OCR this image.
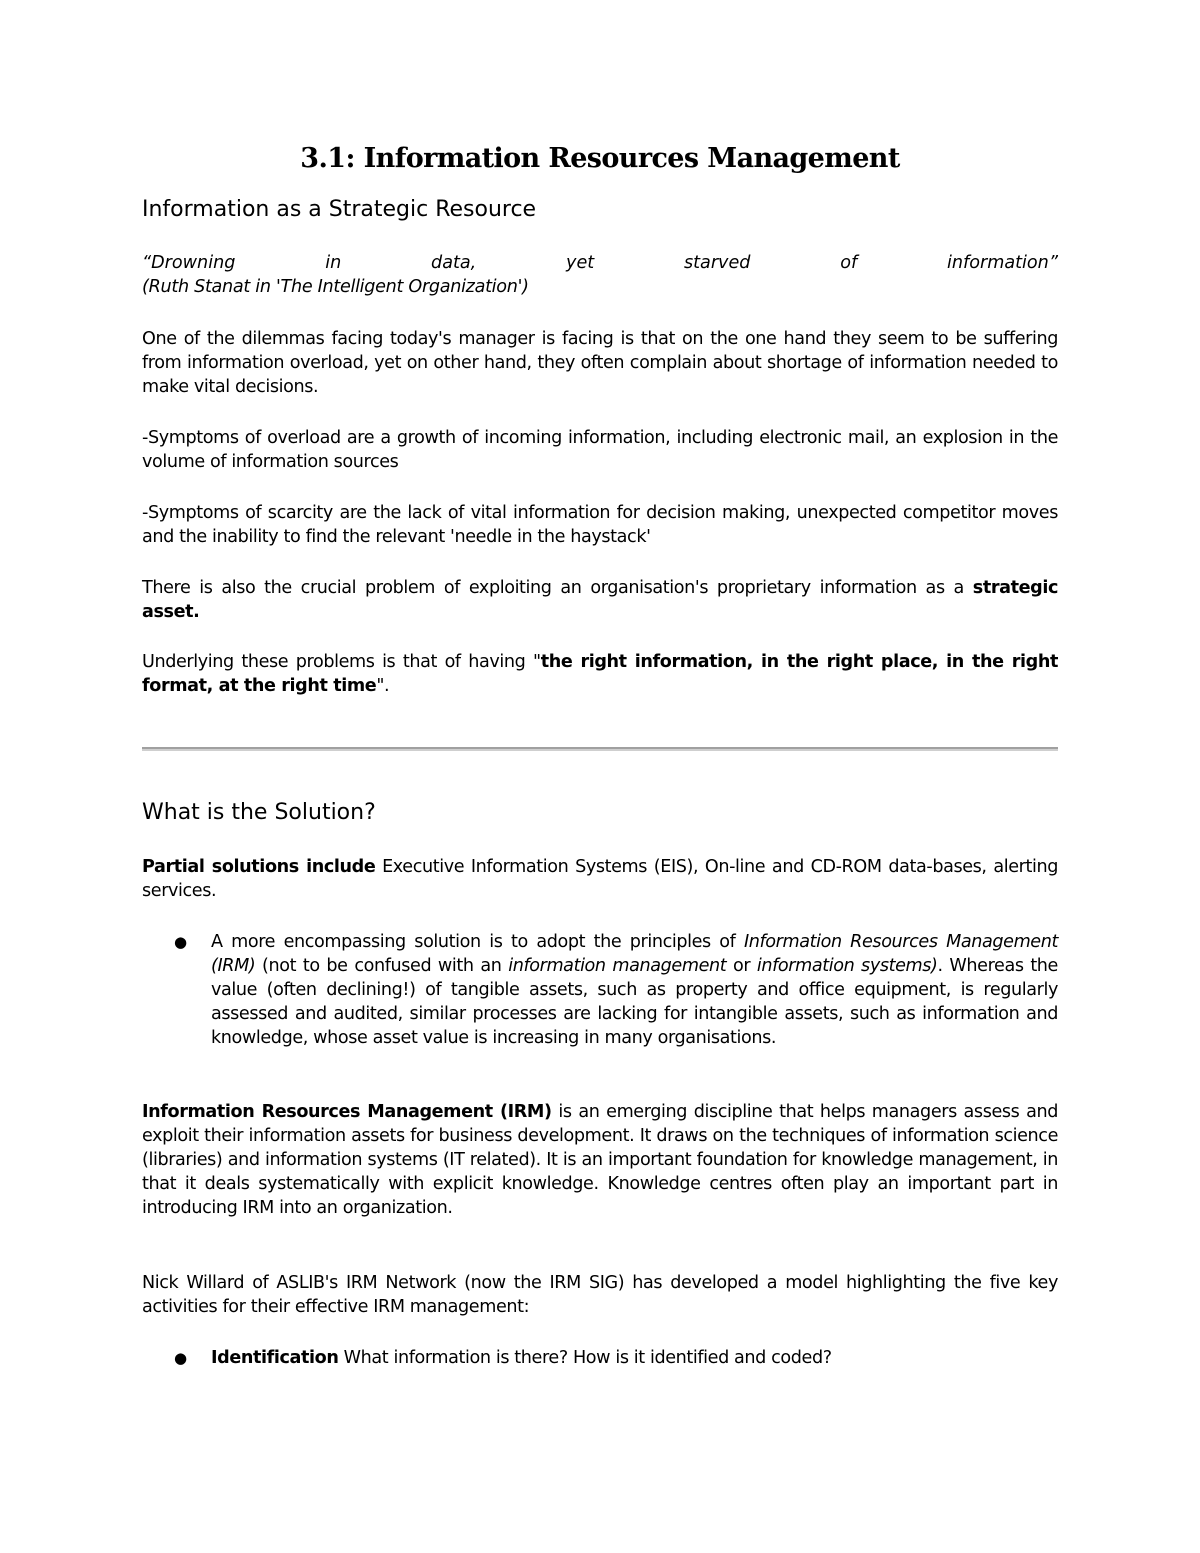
3.1: Information Resources Management
Information as a Strategic Resource
“Drowning	in	data,	yet	starved	of	information”
(Ruth Stanat in 'The Intelligent Organization')

One of the dilemmas facing today's manager is facing is that on the one hand they seem to be suffering from information overload, yet on other hand, they often complain about shortage of information needed to make vital decisions.

-Symptoms of overload are a growth of incoming information, including electronic mail, an explosion in the volume of information sources

-Symptoms of scarcity are the lack of vital information for decision making, unexpected competitor moves and the inability to find the relevant 'needle in the haystack'

There is also the crucial problem of exploiting an organisation's proprietary information as a strategic asset.

Underlying these problems is that of having "the right information, in the right place, in the right format, at the right time".

What is the Solution?

Partial solutions include Executive Information Systems (EIS), On-line and CD-ROM data-bases, alerting services.

● A more encompassing solution is to adopt the principles of Information Resources Management (IRM) (not to be confused with an information management or information systems). Whereas the value (often declining!) of tangible assets, such as property and office equipment, is regularly assessed and audited, similar processes are lacking for intangible assets, such as information and knowledge, whose asset value is increasing in many organisations.

Information Resources Management (IRM) is an emerging discipline that helps managers assess and exploit their information assets for business development. It draws on the techniques of information science (libraries) and information systems (IT related). It is an important foundation for knowledge management, in that it deals systematically with explicit knowledge. Knowledge centres often play an important part in introducing IRM into an organization.

Nick Willard of ASLIB's IRM Network (now the IRM SIG) has developed a model highlighting the five key activities for their effective IRM management:

● Identification What information is there? How is it identified and coded?
